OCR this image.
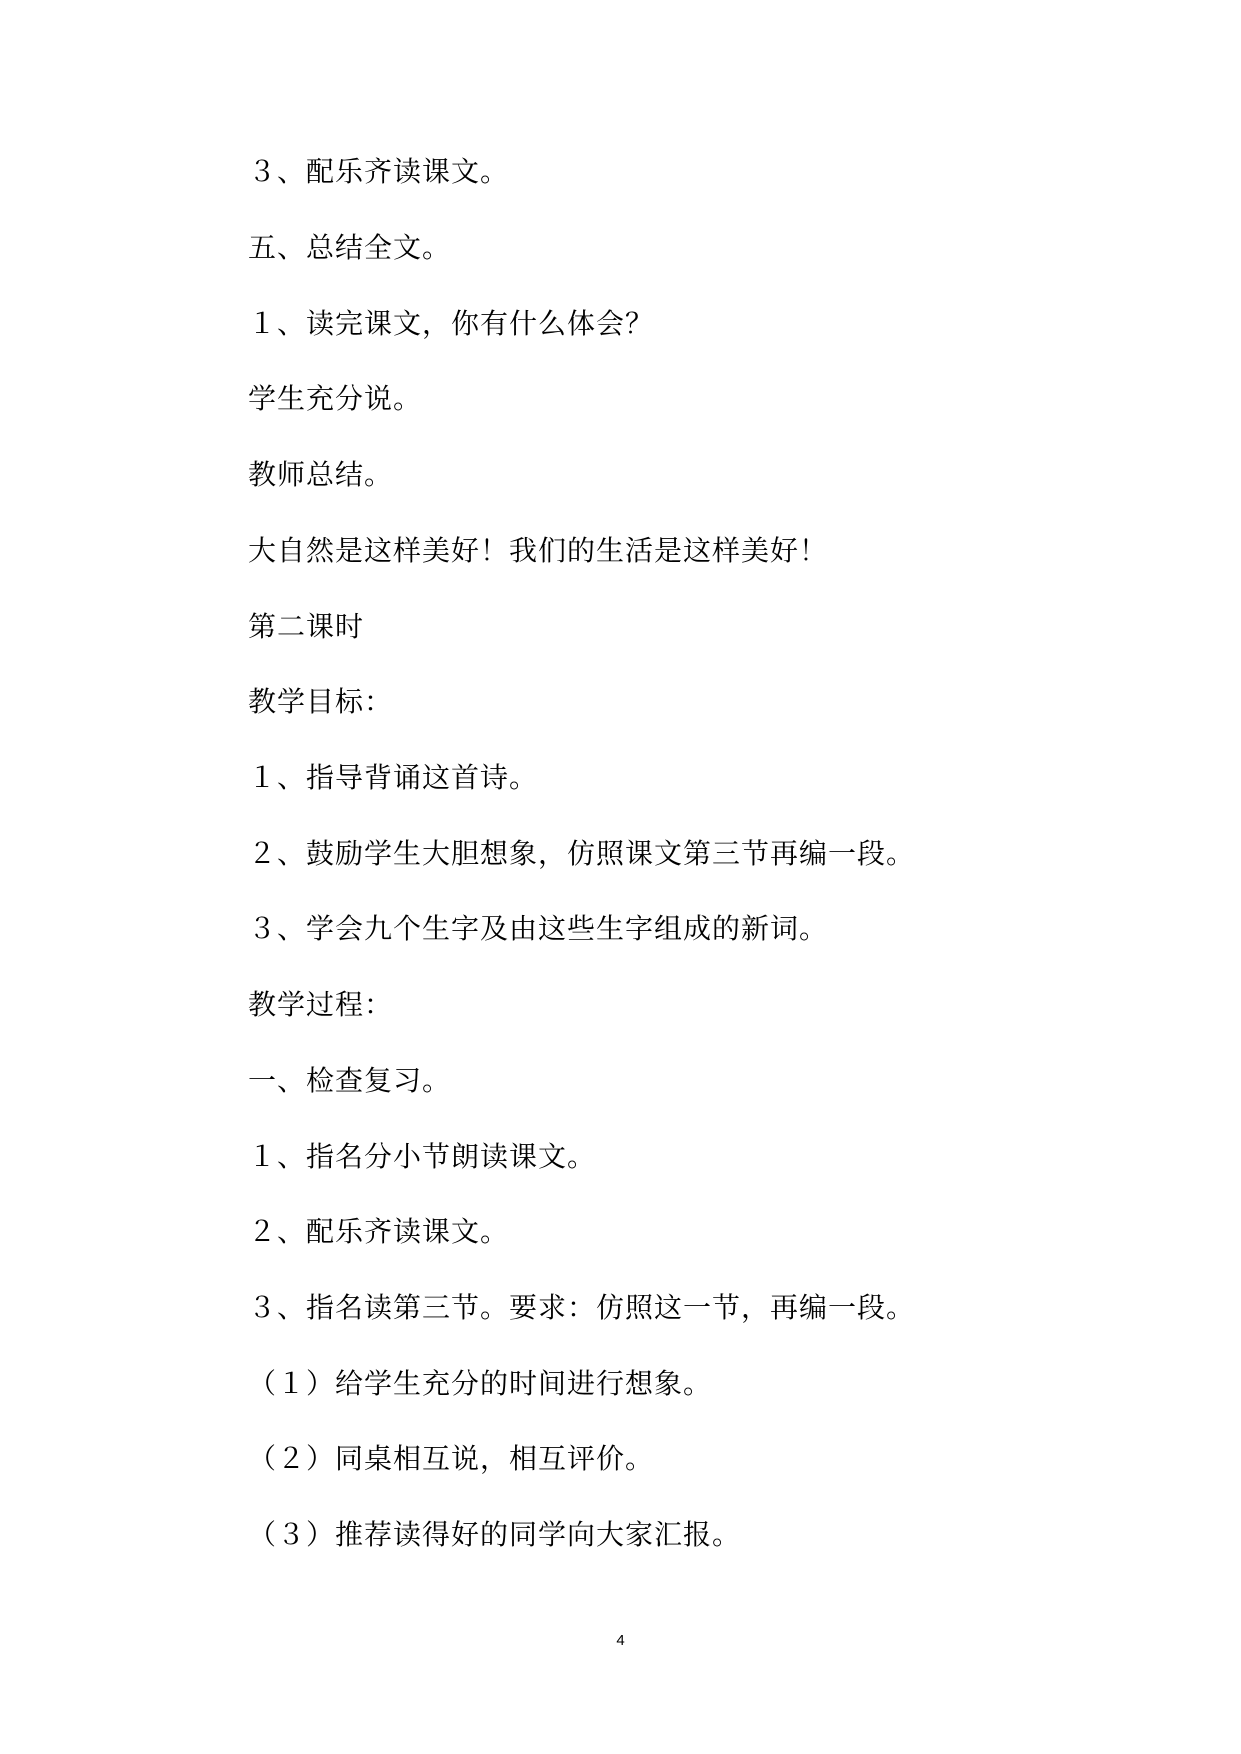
３、配乐齐读课文。

五、总结全文。

１、读完课文，你有什么体会？

学生充分说。

教师总结。

大自然是这样美好！我们的生活是这样美好！

第二课时

教学目标：

１、指导背诵这首诗。

２、鼓励学生大胆想象，仿照课文第三节再编一段。

３、学会九个生字及由这些生字组成的新词。

教学过程：

一、检查复习。

１、指名分小节朗读课文。

２、配乐齐读课文。

３、指名读第三节。要求：仿照这一节，再编一段。

（１）给学生充分的时间进行想象。

（２）同桌相互说，相互评价。

（３）推荐读得好的同学向大家汇报。

4
